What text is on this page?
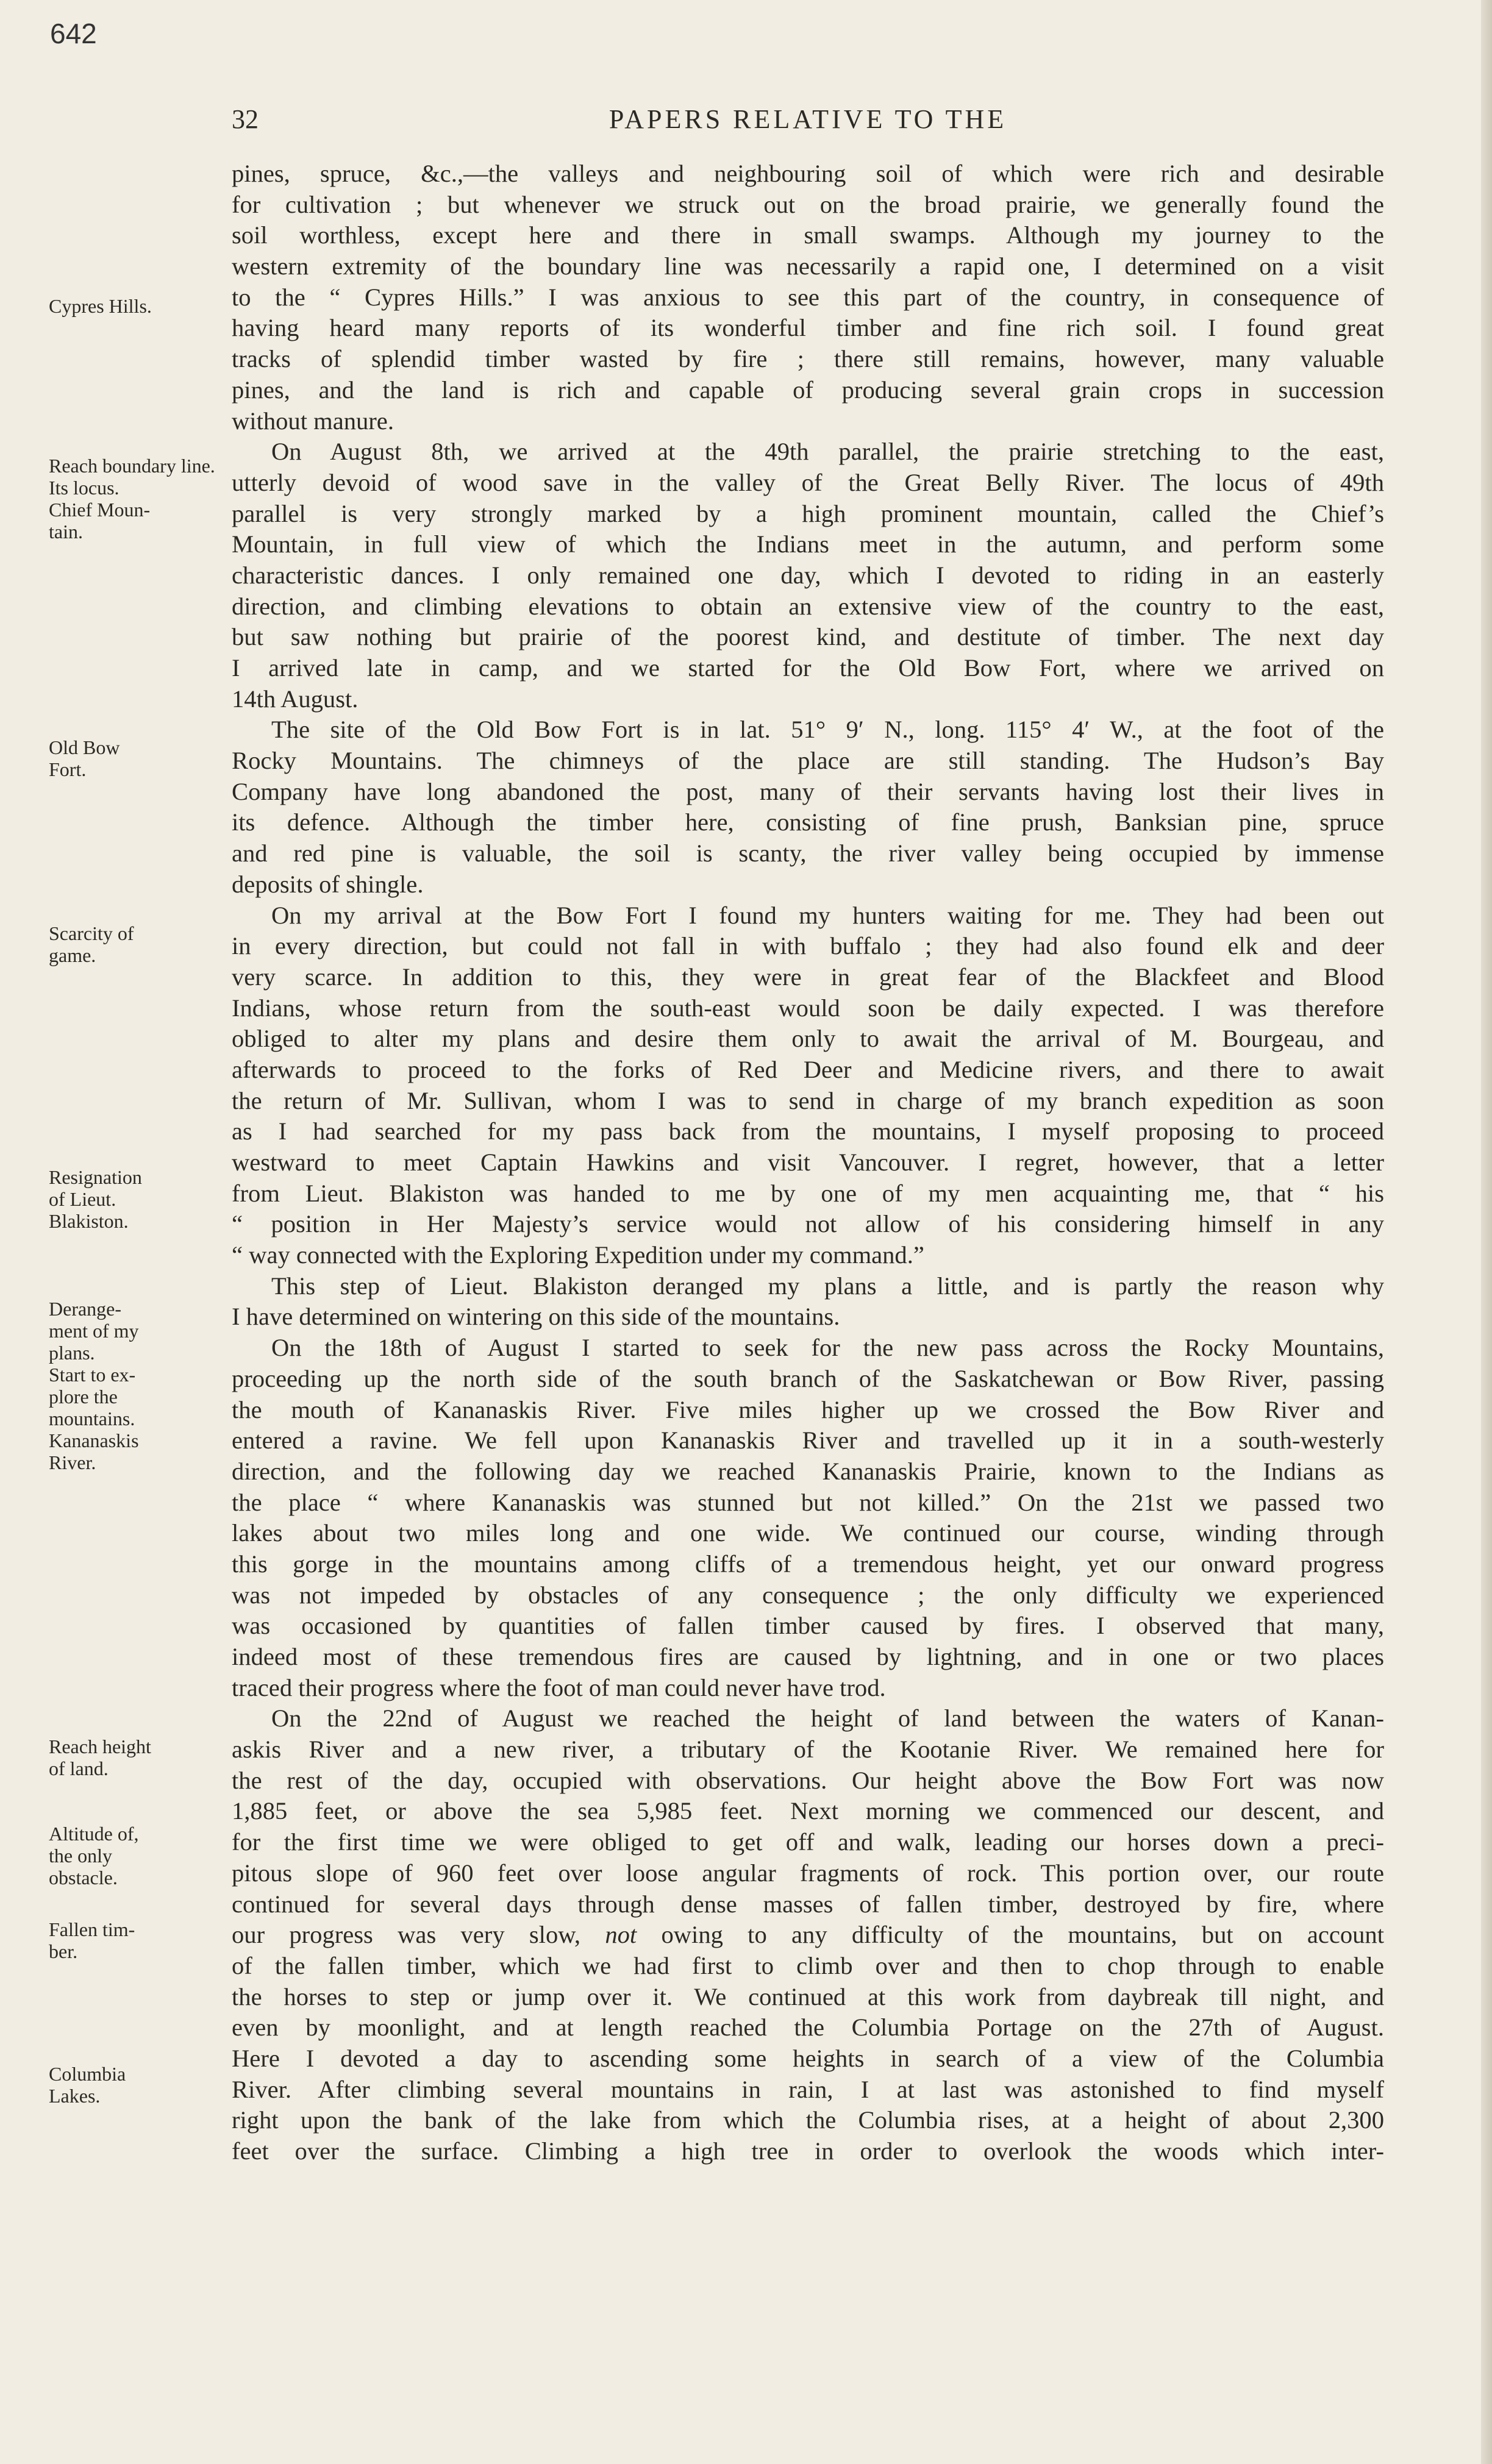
642
32	PAPERS RELATIVE TO THE
Cypres Hills.
Reach boundary line.
Its locus.
Chief Moun-
tain.
Old Bow
Fort.
Scarcity of
game.
Resignation
of Lieut.
Blakiston.
Derange-
ment of my
plans.
Start to ex-
plore the
mountains.
Kananaskis
River.
Reach height
of land.
Altitude of,
the only
obstacle.
Fallen tim-
ber.
Columbia
Lakes.
pines, spruce, &c.,—the valleys and neighbouring soil of which were rich and desirable
for cultivation ; but whenever we struck out on the broad prairie, we generally found the
soil worthless, except here and there in small swamps. Although my journey to the
western extremity of the boundary line was necessarily a rapid one, I determined on a visit
to the “ Cypres Hills.” I was anxious to see this part of the country, in consequence of
having heard many reports of its wonderful timber and fine rich soil. I found great
tracks of splendid timber wasted by fire ; there still remains, however, many valuable
pines, and the land is rich and capable of producing several grain crops in succession
without manure.
On August 8th, we arrived at the 49th parallel, the prairie stretching to the east,
utterly devoid of wood save in the valley of the Great Belly River. The locus of 49th
parallel is very strongly marked by a high prominent mountain, called the Chief’s
Mountain, in full view of which the Indians meet in the autumn, and perform some
characteristic dances. I only remained one day, which I devoted to riding in an easterly
direction, and climbing elevations to obtain an extensive view of the country to the east,
but saw nothing but prairie of the poorest kind, and destitute of timber. The next day
I arrived late in camp, and we started for the Old Bow Fort, where we arrived on
14th August.
The site of the Old Bow Fort is in lat. 51° 9′ N., long. 115° 4′ W., at the foot of the
Rocky Mountains. The chimneys of the place are still standing. The Hudson’s Bay
Company have long abandoned the post, many of their servants having lost their lives in
its defence. Although the timber here, consisting of fine prush, Banksian pine, spruce
and red pine is valuable, the soil is scanty, the river valley being occupied by immense
deposits of shingle.
On my arrival at the Bow Fort I found my hunters waiting for me. They had been out
in every direction, but could not fall in with buffalo ; they had also found elk and deer
very scarce. In addition to this, they were in great fear of the Blackfeet and Blood
Indians, whose return from the south-east would soon be daily expected. I was therefore
obliged to alter my plans and desire them only to await the arrival of M. Bourgeau, and
afterwards to proceed to the forks of Red Deer and Medicine rivers, and there to await
the return of Mr. Sullivan, whom I was to send in charge of my branch expedition as soon
as I had searched for my pass back from the mountains, I myself proposing to proceed
westward to meet Captain Hawkins and visit Vancouver. I regret, however, that a letter
from Lieut. Blakiston was handed to me by one of my men acquainting me, that “ his
“ position in Her Majesty’s service would not allow of his considering himself in any
“ way connected with the Exploring Expedition under my command.”
This step of Lieut. Blakiston deranged my plans a little, and is partly the reason why
I have determined on wintering on this side of the mountains.
On the 18th of August I started to seek for the new pass across the Rocky Mountains,
proceeding up the north side of the south branch of the Saskatchewan or Bow River, passing
the mouth of Kananaskis River. Five miles higher up we crossed the Bow River and
entered a ravine. We fell upon Kananaskis River and travelled up it in a south-westerly
direction, and the following day we reached Kananaskis Prairie, known to the Indians as
the place “ where Kananaskis was stunned but not killed.” On the 21st we passed two
lakes about two miles long and one wide. We continued our course, winding through
this gorge in the mountains among cliffs of a tremendous height, yet our onward progress
was not impeded by obstacles of any consequence ; the only difficulty we experienced
was occasioned by quantities of fallen timber caused by fires. I observed that many,
indeed most of these tremendous fires are caused by lightning, and in one or two places
traced their progress where the foot of man could never have trod.
On the 22nd of August we reached the height of land between the waters of Kanan-
askis River and a new river, a tributary of the Kootanie River. We remained here for
the rest of the day, occupied with observations. Our height above the Bow Fort was now
1,885 feet, or above the sea 5,985 feet. Next morning we commenced our descent, and
for the first time we were obliged to get off and walk, leading our horses down a preci-
pitous slope of 960 feet over loose angular fragments of rock. This portion over, our route
continued for several days through dense masses of fallen timber, destroyed by fire, where
our progress was very slow, not owing to any difficulty of the mountains, but on account
of the fallen timber, which we had first to climb over and then to chop through to enable
the horses to step or jump over it. We continued at this work from daybreak till night, and
even by moonlight, and at length reached the Columbia Portage on the 27th of August.
Here I devoted a day to ascending some heights in search of a view of the Columbia
River. After climbing several mountains in rain, I at last was astonished to find myself
right upon the bank of the lake from which the Columbia rises, at a height of about 2,300
feet over the surface. Climbing a high tree in order to overlook the woods which inter-
